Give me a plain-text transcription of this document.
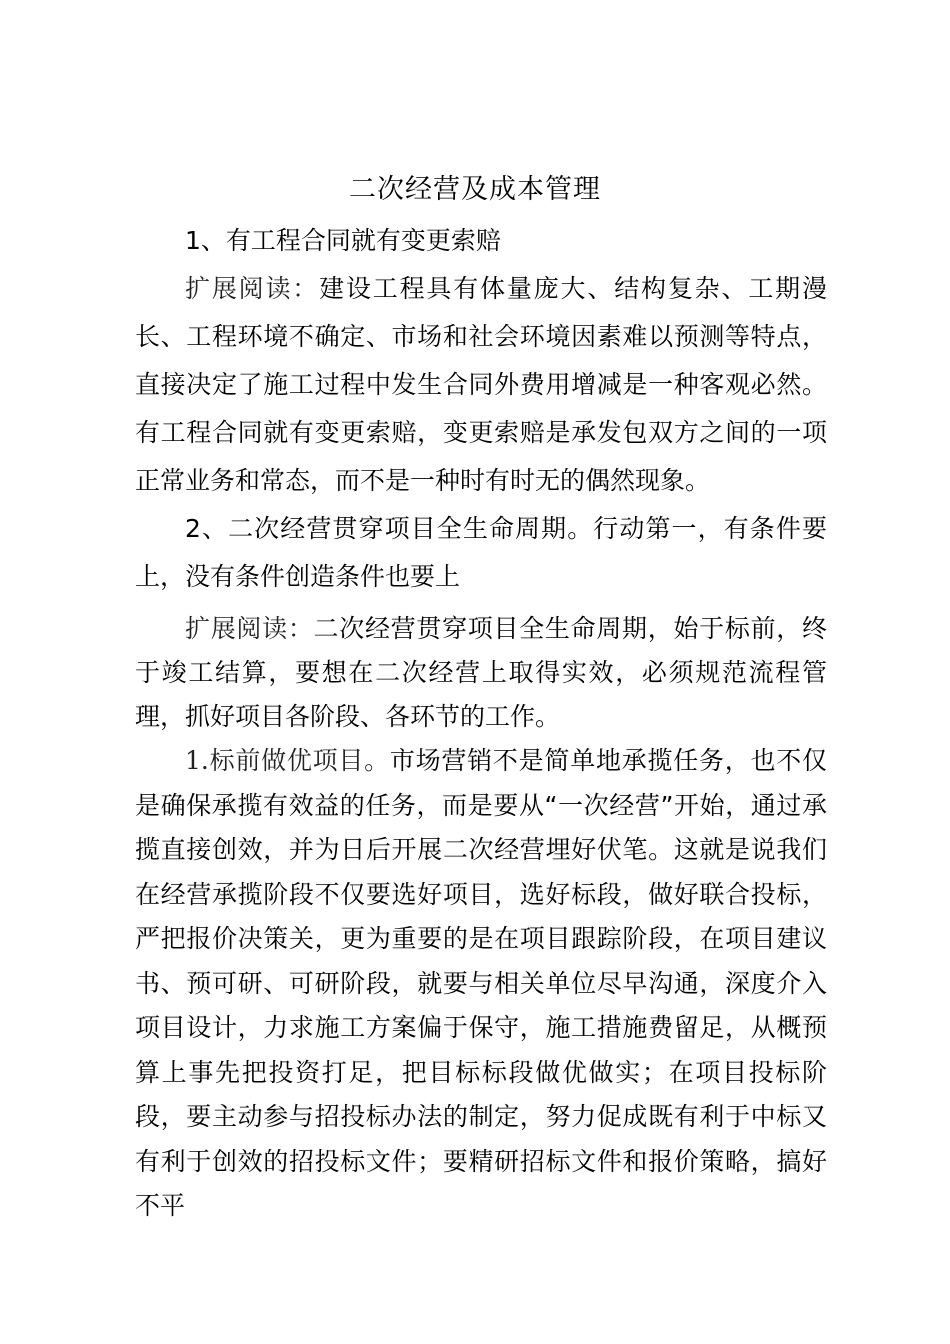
二次经营及成本管理

1、有工程合同就有变更索赔

扩展阅读：建设工程具有体量庞大、结构复杂、工期漫长、工程环境不确定、市场和社会环境因素难以预测等特点，直接决定了施工过程中发生合同外费用增减是一种客观必然。有工程合同就有变更索赔，变更索赔是承发包双方之间的一项正常业务和常态，而不是一种时有时无的偶然现象。

2、二次经营贯穿项目全生命周期。行动第一，有条件要上，没有条件创造条件也要上

扩展阅读：二次经营贯穿项目全生命周期，始于标前，终于竣工结算，要想在二次经营上取得实效，必须规范流程管理，抓好项目各阶段、各环节的工作。

1.标前做优项目。市场营销不是简单地承揽任务，也不仅是确保承揽有效益的任务，而是要从“一次经营”开始，通过承揽直接创效，并为日后开展二次经营埋好伏笔。这就是说我们在经营承揽阶段不仅要选好项目，选好标段，做好联合投标，严把报价决策关，更为重要的是在项目跟踪阶段，在项目建议书、预可研、可研阶段，就要与相关单位尽早沟通，深度介入项目设计，力求施工方案偏于保守，施工措施费留足，从概预算上事先把投资打足，把目标标段做优做实；在项目投标阶段，要主动参与招投标办法的制定，努力促成既有利于中标又有利于创效的招投标文件；要精研招标文件和报价策略，搞好不平
